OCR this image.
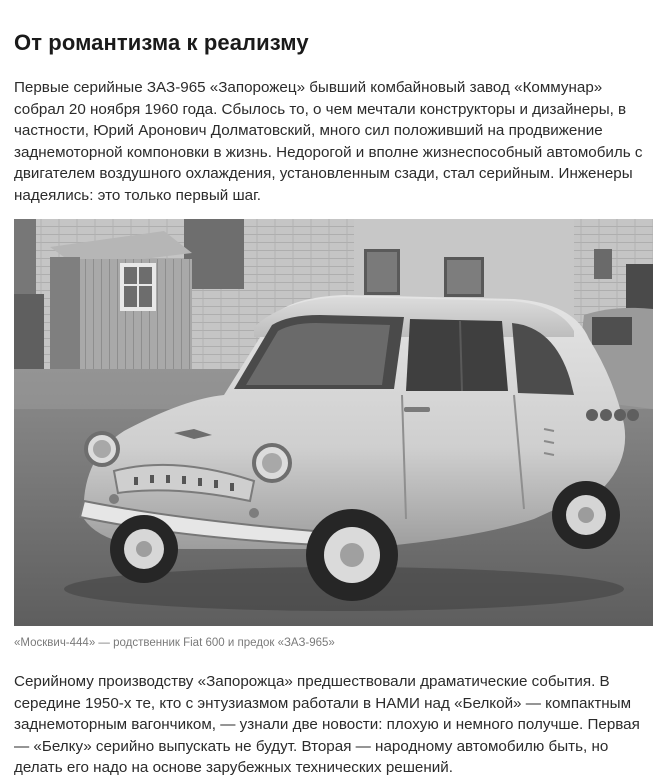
От романтизма к реализму

Первые серийные ЗАЗ-965 «Запорожец» бывший комбайновый завод «Коммунар» собрал 20 ноября 1960 года. Сбылось то, о чем мечтали конструкторы и дизайнеры, в частности, Юрий Аронович Долматовский, много сил положивший на продвижение заднемоторной компоновки в жизнь. Недорогой и вполне жизнеспособный автомобиль с двигателем воздушного охлаждения, установленным сзади, стал серийным. Инженеры надеялись: это только первый шаг.

«Москвич-444» — родственник Fiat 600 и предок «ЗАЗ-965»

Серийному производству «Запорожца» предшествовали драматические события. В середине 1950-х те, кто с энтузиазмом работали в НАМИ над «Белкой» — компактным заднемоторным вагончиком, — узнали две новости: плохую и немного получше. Первая — «Белку» серийно выпускать не будут. Вторая — народному автомобилю быть, но делать его надо на основе зарубежных технических решений.
